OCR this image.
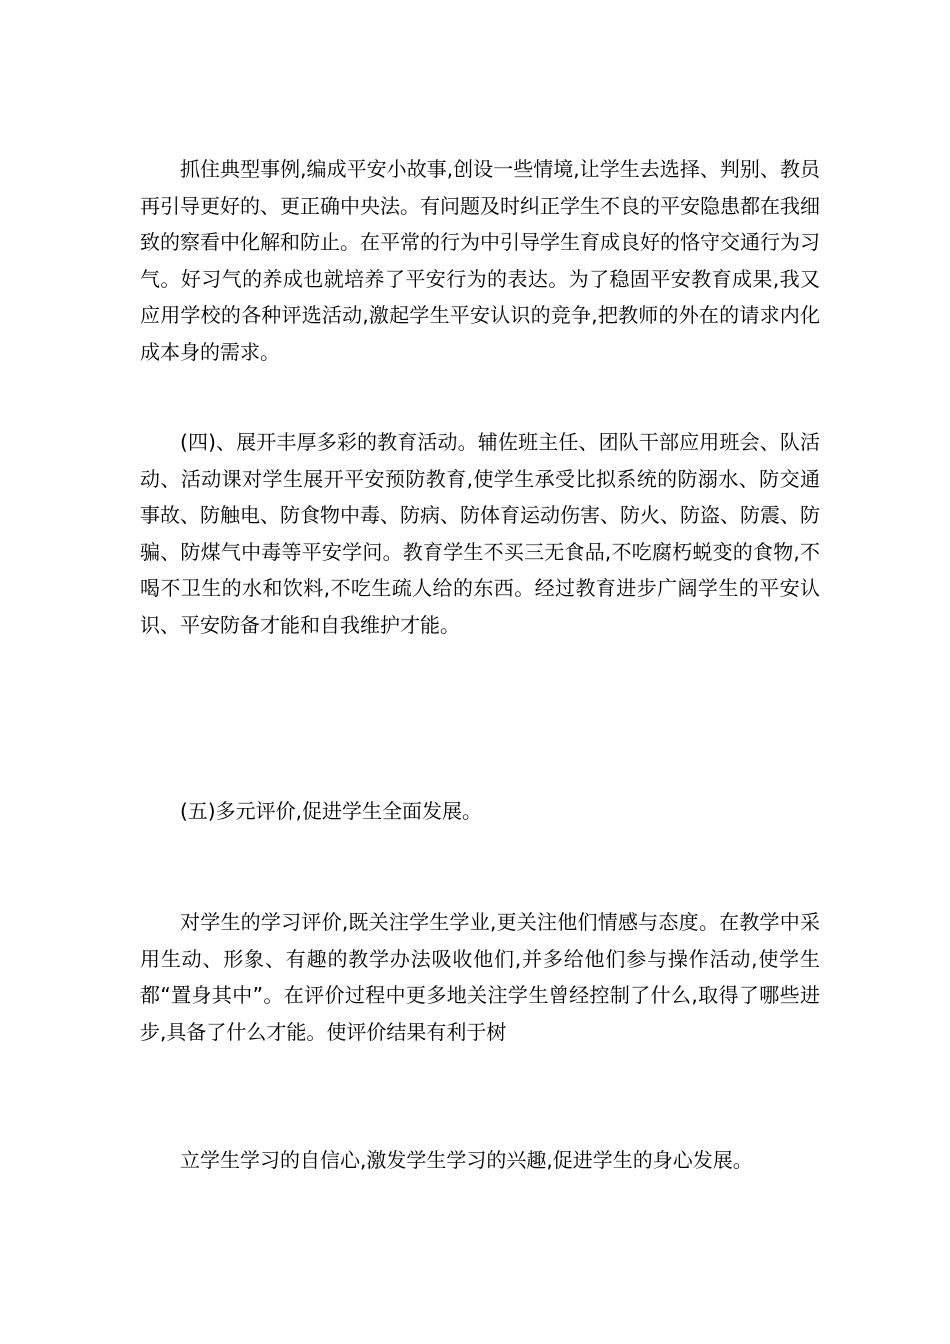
抓住典型事例,编成平安小故事,创设一些情境,让学生去选择、判别、教员再引导更好的、更正确中央法。有问题及时纠正学生不良的平安隐患都在我细致的察看中化解和防止。在平常的行为中引导学生育成良好的恪守交通行为习气。好习气的养成也就培养了平安行为的表达。为了稳固平安教育成果,我又应用学校的各种评选活动,激起学生平安认识的竞争,把教师的外在的请求内化成本身的需求。

(四)、展开丰厚多彩的教育活动。辅佐班主任、团队干部应用班会、队活动、活动课对学生展开平安预防教育,使学生承受比拟系统的防溺水、防交通事故、防触电、防食物中毒、防病、防体育运动伤害、防火、防盗、防震、防骗、防煤气中毒等平安学问。教育学生不买三无食品,不吃腐朽蜕变的食物,不喝不卫生的水和饮料,不吃生疏人给的东西。经过教育进步广阔学生的平安认识、平安防备才能和自我维护才能。

(五)多元评价,促进学生全面发展。

对学生的学习评价,既关注学生学业,更关注他们情感与态度。在教学中采用生动、形象、有趣的教学办法吸收他们,并多给他们参与操作活动,使学生都“置身其中”。在评价过程中更多地关注学生曾经控制了什么,取得了哪些进步,具备了什么才能。使评价结果有利于树

立学生学习的自信心,激发学生学习的兴趣,促进学生的身心发展。
